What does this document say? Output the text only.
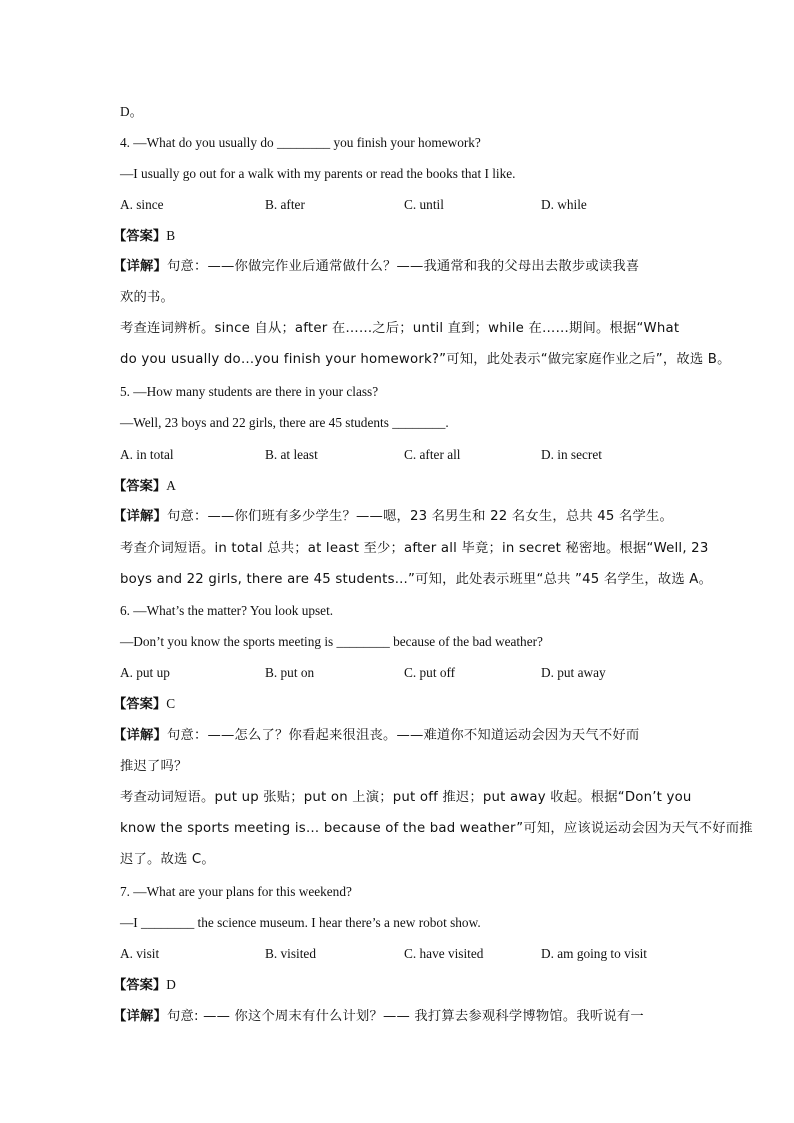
D。
4. —What do you usually do ________ you finish your homework?
—I usually go out for a walk with my parents or read the books that I like.
A. since	B. after	C. until	D. while
【答案】B
【详解】句意：——你做完作业后通常做什么？——我通常和我的父母出去散步或读我喜
欢的书。
考查连词辨析。since 自从；after 在……之后；until 直到；while 在……期间。根据“What
do you usually do…you finish your homework?”可知，此处表示“做完家庭作业之后”，故选 B。
5. —How many students are there in your class?
—Well, 23 boys and 22 girls, there are 45 students ________.
A. in total	B. at least	C. after all	D. in secret
【答案】A
【详解】句意：——你们班有多少学生？——嗯，23 名男生和 22 名女生，总共 45 名学生。
考查介词短语。in total 总共；at least 至少；after all 毕竟；in secret 秘密地。根据“Well, 23
boys and 22 girls, there are 45 students...”可知，此处表示班里“总共 ”45 名学生，故选 A。
6. —What’s the matter? You look upset.
—Don’t you know the sports meeting is ________ because of the bad weather?
A. put up	B. put on	C. put off	D. put away
【答案】C
【详解】句意：——怎么了？你看起来很沮丧。——难道你不知道运动会因为天气不好而
推迟了吗？
考查动词短语。put up 张贴；put on 上演；put off 推迟；put away 收起。根据“Don’t you
know the sports meeting is… because of the bad weather”可知，应该说运动会因为天气不好而推
迟了。故选 C。
7. —What are your plans for this weekend?
—I ________ the science museum. I hear there’s a new robot show.
A. visit	B. visited	C. have visited	D. am going to visit
【答案】D
【详解】句意: —— 你这个周末有什么计划？—— 我打算去参观科学博物馆。我听说有一
